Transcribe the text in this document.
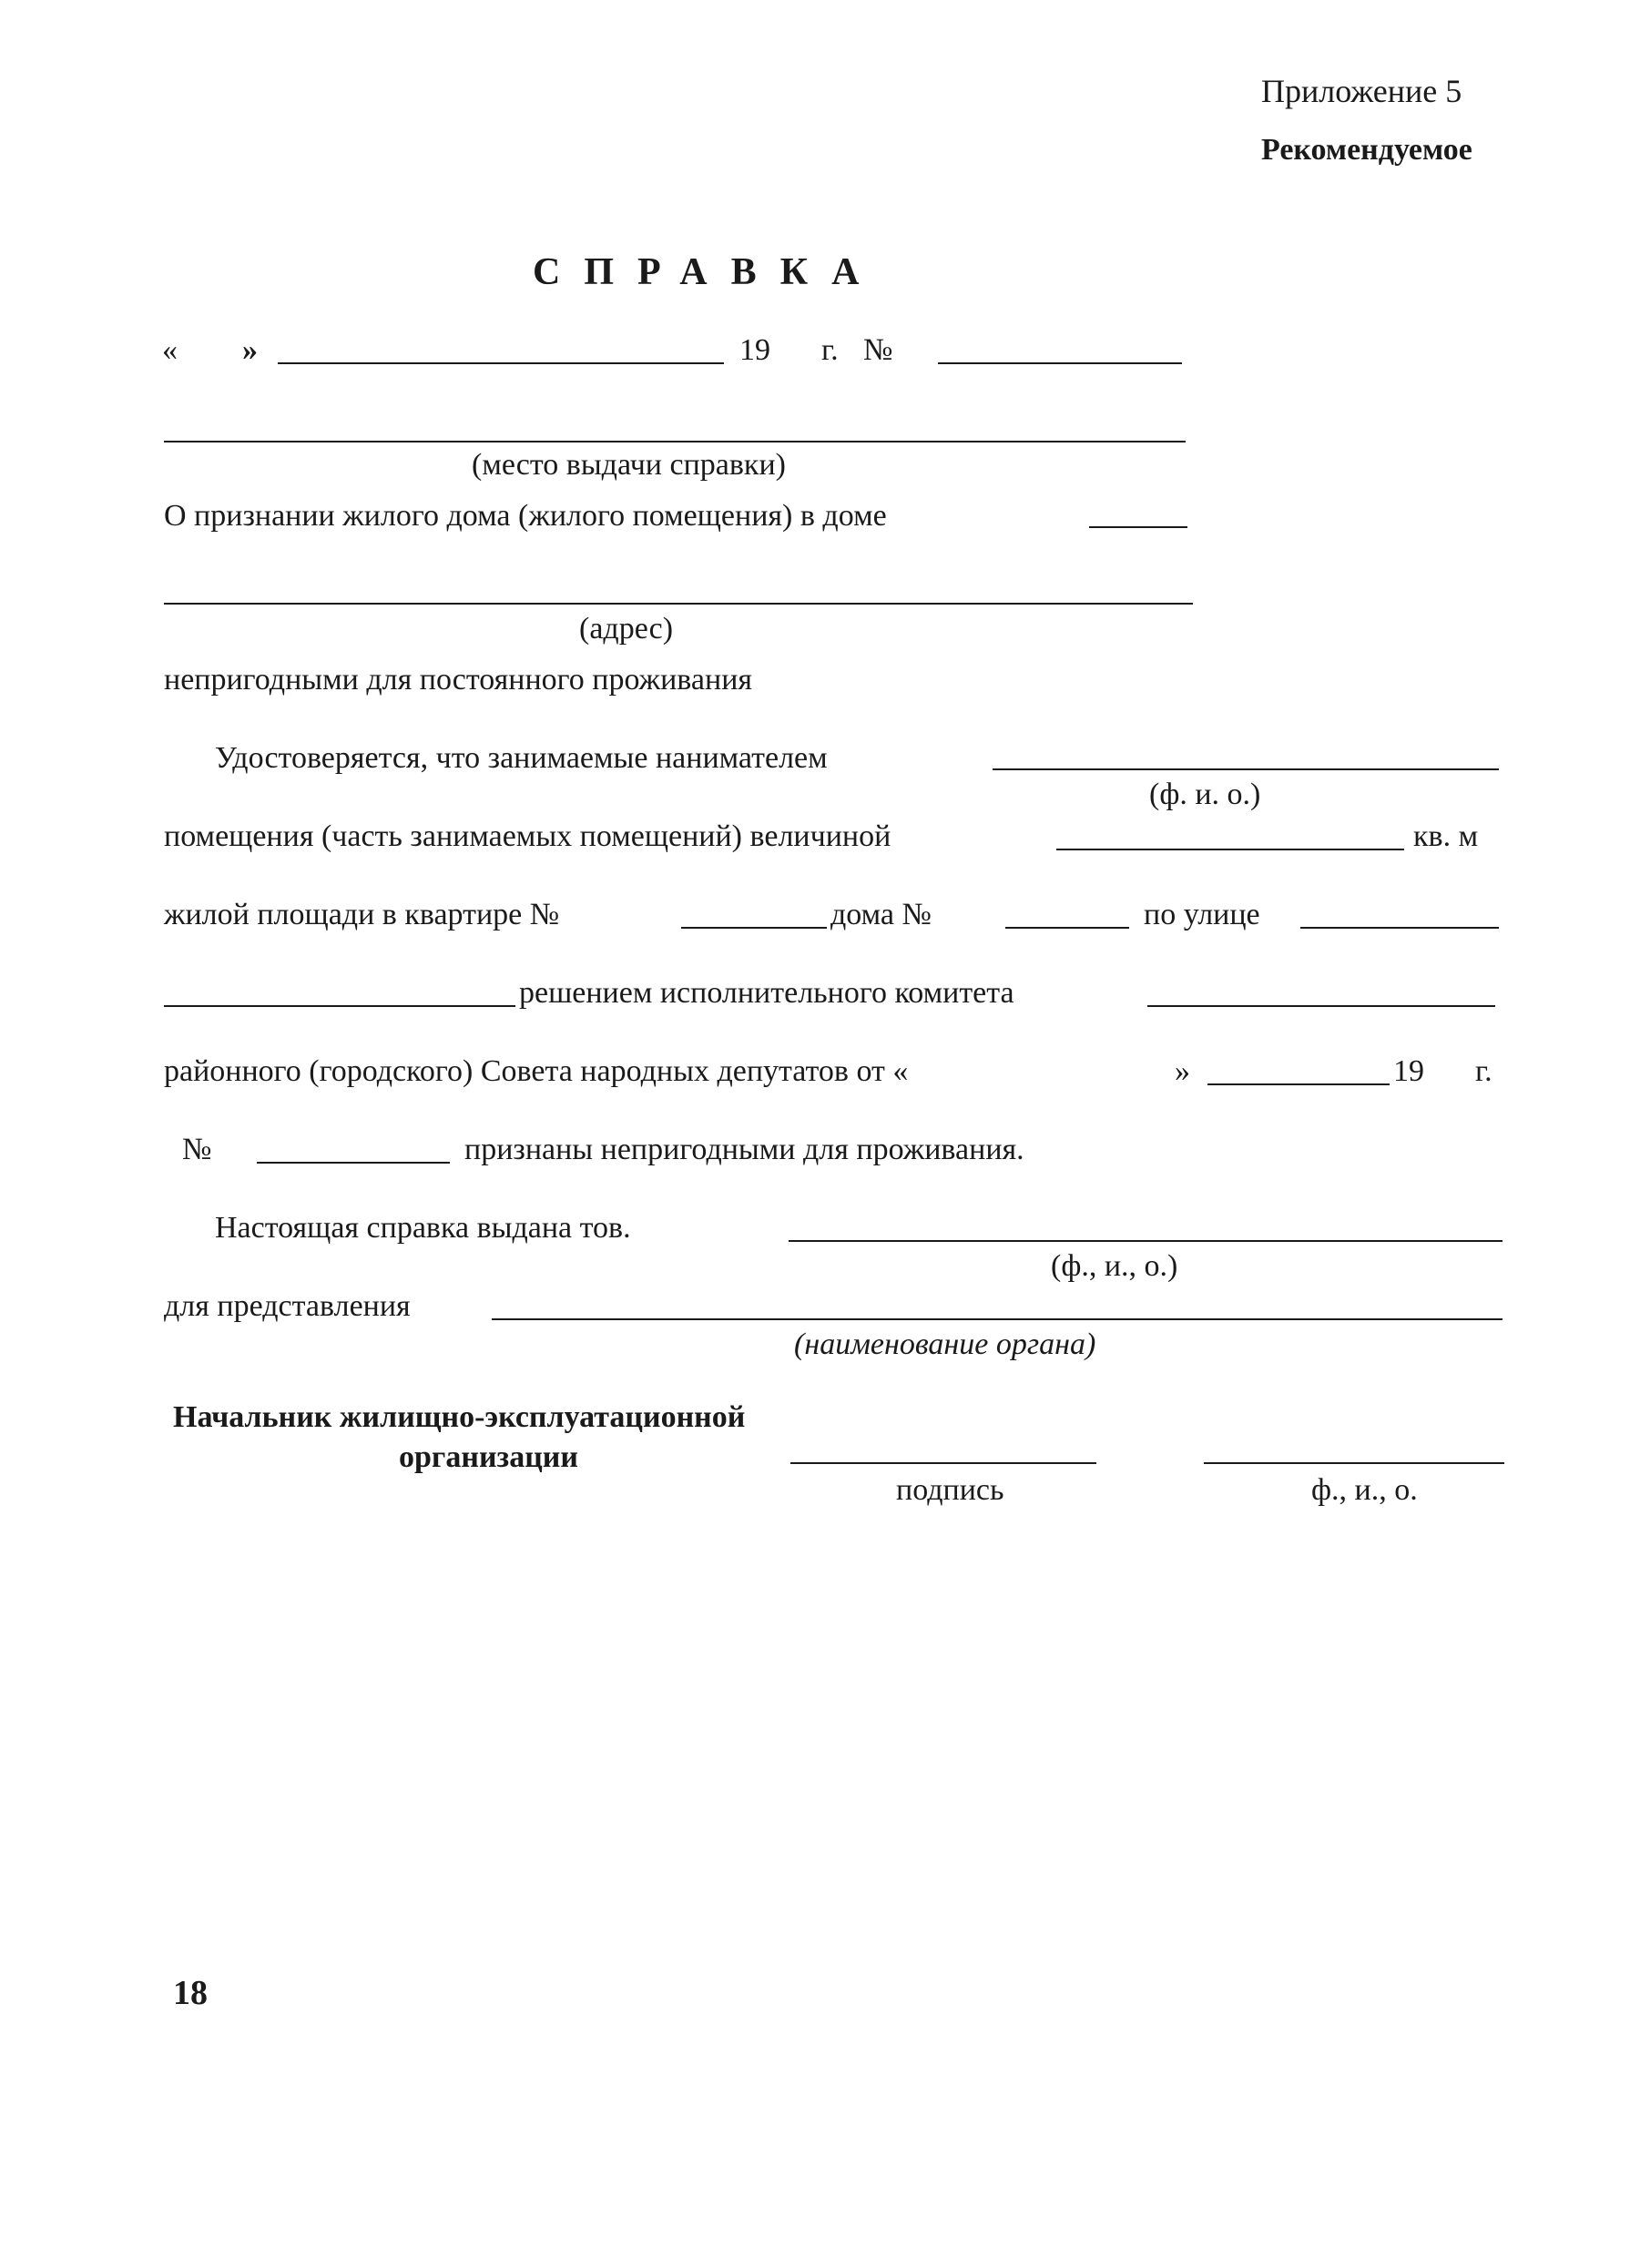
Приложение 5
Рекомендуемое
СПРАВКА
« »	19 г. №
(место выдачи справки)
О признании жилого дома (жилого помещения) в доме
(адрес)
непригодными для постоянного проживания
Удостоверяется, что занимаемые нанимателем
(ф. и. о.)
помещения (часть занимаемых помещений) величиной	кв. м
жилой площади в квартире №	дома №	по улице
решением исполнительного комитета
районного (городского) Совета народных депутатов от «	»	19 г.
№	признаны непригодными для проживания.
Настоящая справка выдана тов.
(ф., и., о.)
для представления
(наименование органа)
Начальник жилищно-эксплуатационной
организации
подпись	ф., и., о.
18
